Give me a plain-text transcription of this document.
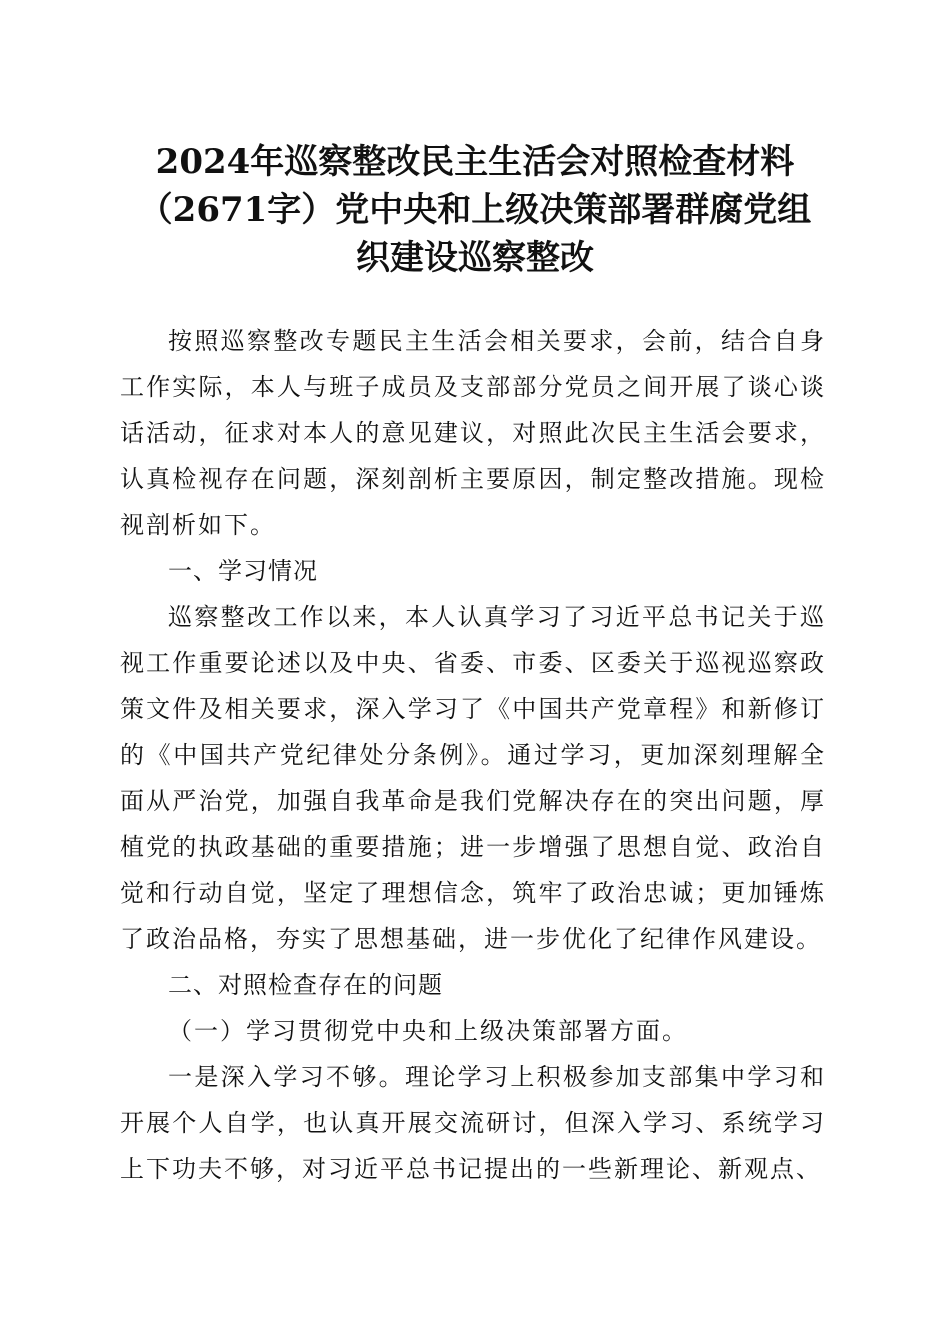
2024年巡察整改民主生活会对照检查材料
（2671字）党中央和上级决策部署群腐党组
织建设巡察整改

按照巡察整改专题民主生活会相关要求，会前，结合自身工作实际，本人与班子成员及支部部分党员之间开展了谈心谈话活动，征求对本人的意见建议，对照此次民主生活会要求，认真检视存在问题，深刻剖析主要原因，制定整改措施。现检视剖析如下。

一、学习情况

巡察整改工作以来，本人认真学习了习近平总书记关于巡视工作重要论述以及中央、省委、市委、区委关于巡视巡察政策文件及相关要求，深入学习了《中国共产党章程》和新修订的《中国共产党纪律处分条例》。通过学习，更加深刻理解全面从严治党，加强自我革命是我们党解决存在的突出问题，厚植党的执政基础的重要措施；进一步增强了思想自觉、政治自觉和行动自觉，坚定了理想信念，筑牢了政治忠诚；更加锤炼了政治品格，夯实了思想基础，进一步优化了纪律作风建设。

二、对照检查存在的问题

（一）学习贯彻党中央和上级决策部署方面。

一是深入学习不够。理论学习上积极参加支部集中学习和开展个人自学，也认真开展交流研讨，但深入学习、系统学习上下功夫不够，对习近平总书记提出的一些新理论、新观点、
